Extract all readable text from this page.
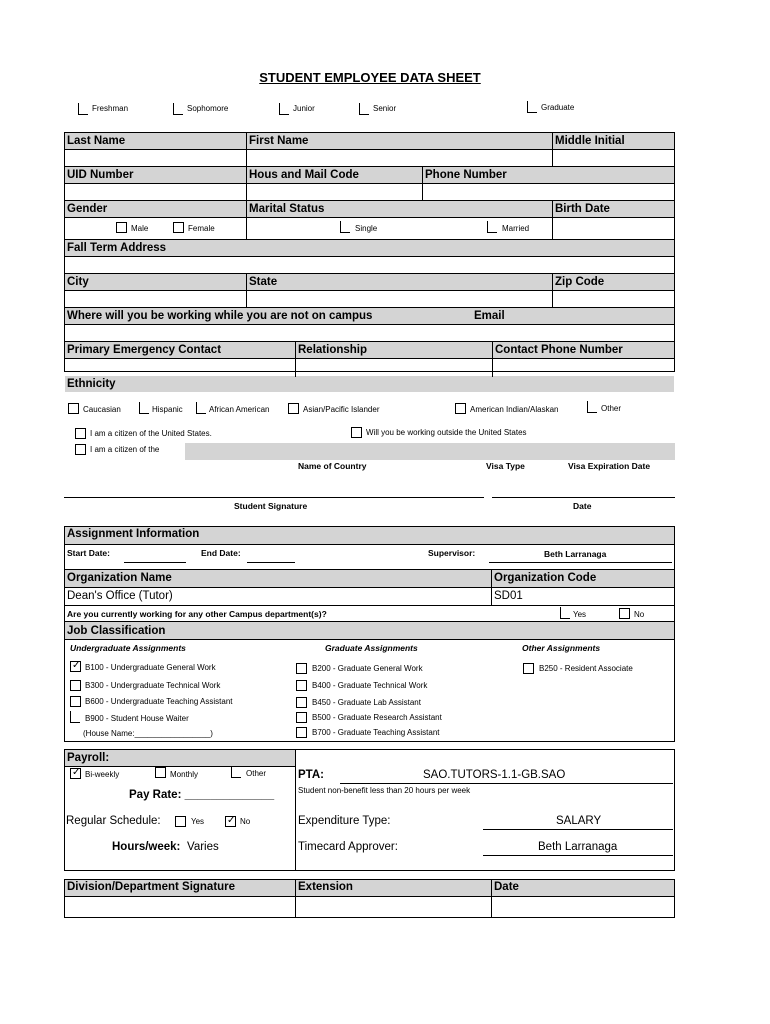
STUDENT EMPLOYEE DATA SHEET
Freshman	Sophomore	Junior	Senior	Graduate
Last Name	First Name	Middle Initial
UID Number	Hous and Mail Code	Phone Number
Gender	Marital Status	Birth Date
Male	Female	Single	Married
Fall Term Address
City	State	Zip Code
Where will you be working while you are not on campus	Email
Primary Emergency Contact	Relationship	Contact Phone Number
Ethnicity
Caucasian	Hispanic	African American	Asian/Pacific Islander	American Indian/Alaskan	Other
I am a citizen of the United States.	Will you be working outside the United States
I am a citizen of the
Name of Country	Visa Type	Visa Expiration Date
Student Signature	Date
Assignment Information
Start Date:	End Date:	Supervisor:	Beth Larranaga
Organization Name	Organization Code
Dean's Office (Tutor)	SD01
Are you currently working for any other Campus department(s)?	Yes	No
Job Classification
Undergraduate Assignments	Graduate Assignments	Other Assignments
✓ B100 - Undergraduate General Work
B300 - Undergraduate Technical Work
B600 - Undergraduate Teaching Assistant
B900 - Student House Waiter
(House Name:_________________)
B200 - Graduate General Work
B400 - Graduate Technical Work
B450 - Graduate Lab Assistant
B500 - Graduate Research Assistant
B700 - Graduate Teaching Assistant
B250 - Resident Associate
Payroll:
✓ Bi-weekly	Monthly	Other
Pay Rate: ______________
Regular Schedule:	Yes ✓ No
Hours/week: Varies
PTA:	SAO.TUTORS-1.1-GB.SAO
Student non-benefit less than 20 hours per week
Expenditure Type:	SALARY
Timecard Approver:	Beth Larranaga
Division/Department Signature	Extension	Date
